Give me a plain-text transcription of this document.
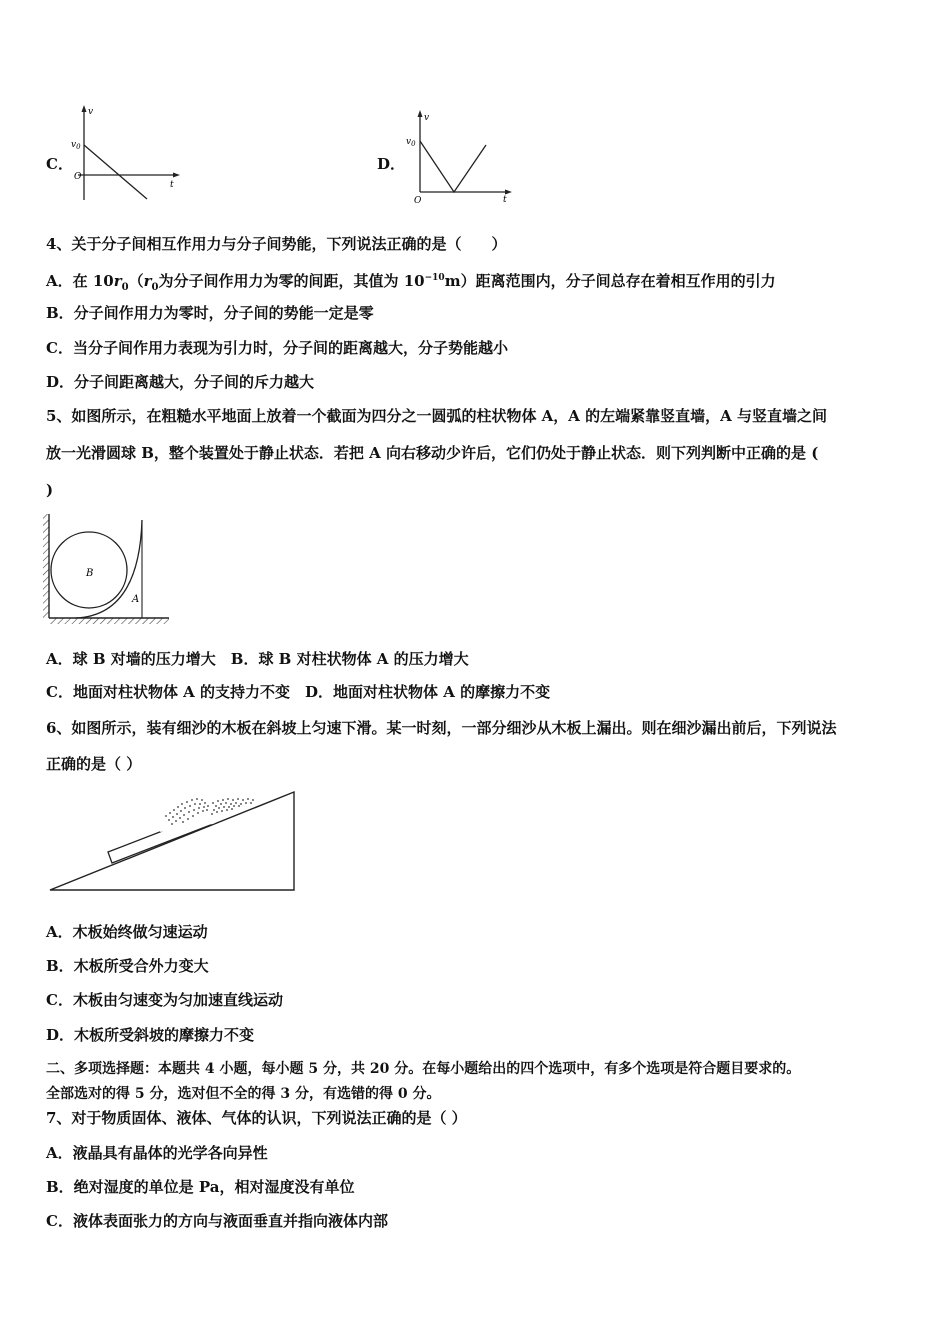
C．
v
t
O
$v_0$
D．
v
t
O
$v_0$
4、关于分子间相互作用力与分子间势能，下列说法正确的是（　　）
A．在 $10r_0(r_0$为分子间作用力为零的间距，其值为 $10^{-10}m$）距离范围内，分子间总存在着相互作用的引力
B．分子间作用力为零时，分子间的势能一定是零
C．当分子间作用力表现为引力时，分子间的距离越大，分子势能越小
D．分子间距离越大，分子间的斥力越大
5、如图所示，在粗糙水平地面上放着一个截面为四分之一圆弧的柱状物体 A，A 的左端紧靠竖直墙，A 与竖直墙之间
放一光滑圆球 B，整个装置处于静止状态．若把 A 向右移动少许后，它们仍处于静止状态．则下列判断中正确的是 (
)
B
A
A．球 B 对墙的压力增大　B．球 B 对柱状物体 A 的压力增大
C．地面对柱状物体 A 的支持力不变　D．地面对柱状物体 A 的摩擦力不变
6、如图所示，装有细沙的木板在斜坡上匀速下滑。某一时刻，一部分细沙从木板上漏出。则在细沙漏出前后，下列说法
正确的是（ ）
A．木板始终做匀速运动
B．木板所受合外力变大
C．木板由匀速变为匀加速直线运动
D．木板所受斜坡的摩擦力不变
二、多项选择题：本题共 4 小题，每小题 5 分，共 20 分。在每小题给出的四个选项中，有多个选项是符合题目要求的。
全部选对的得 5 分，选对但不全的得 3 分，有选错的得 0 分。
7、对于物质固体、液体、气体的认识，下列说法正确的是（ ）
A．液晶具有晶体的光学各向异性
B．绝对湿度的单位是 Pa，相对湿度没有单位
C．液体表面张力的方向与液面垂直并指向液体内部
